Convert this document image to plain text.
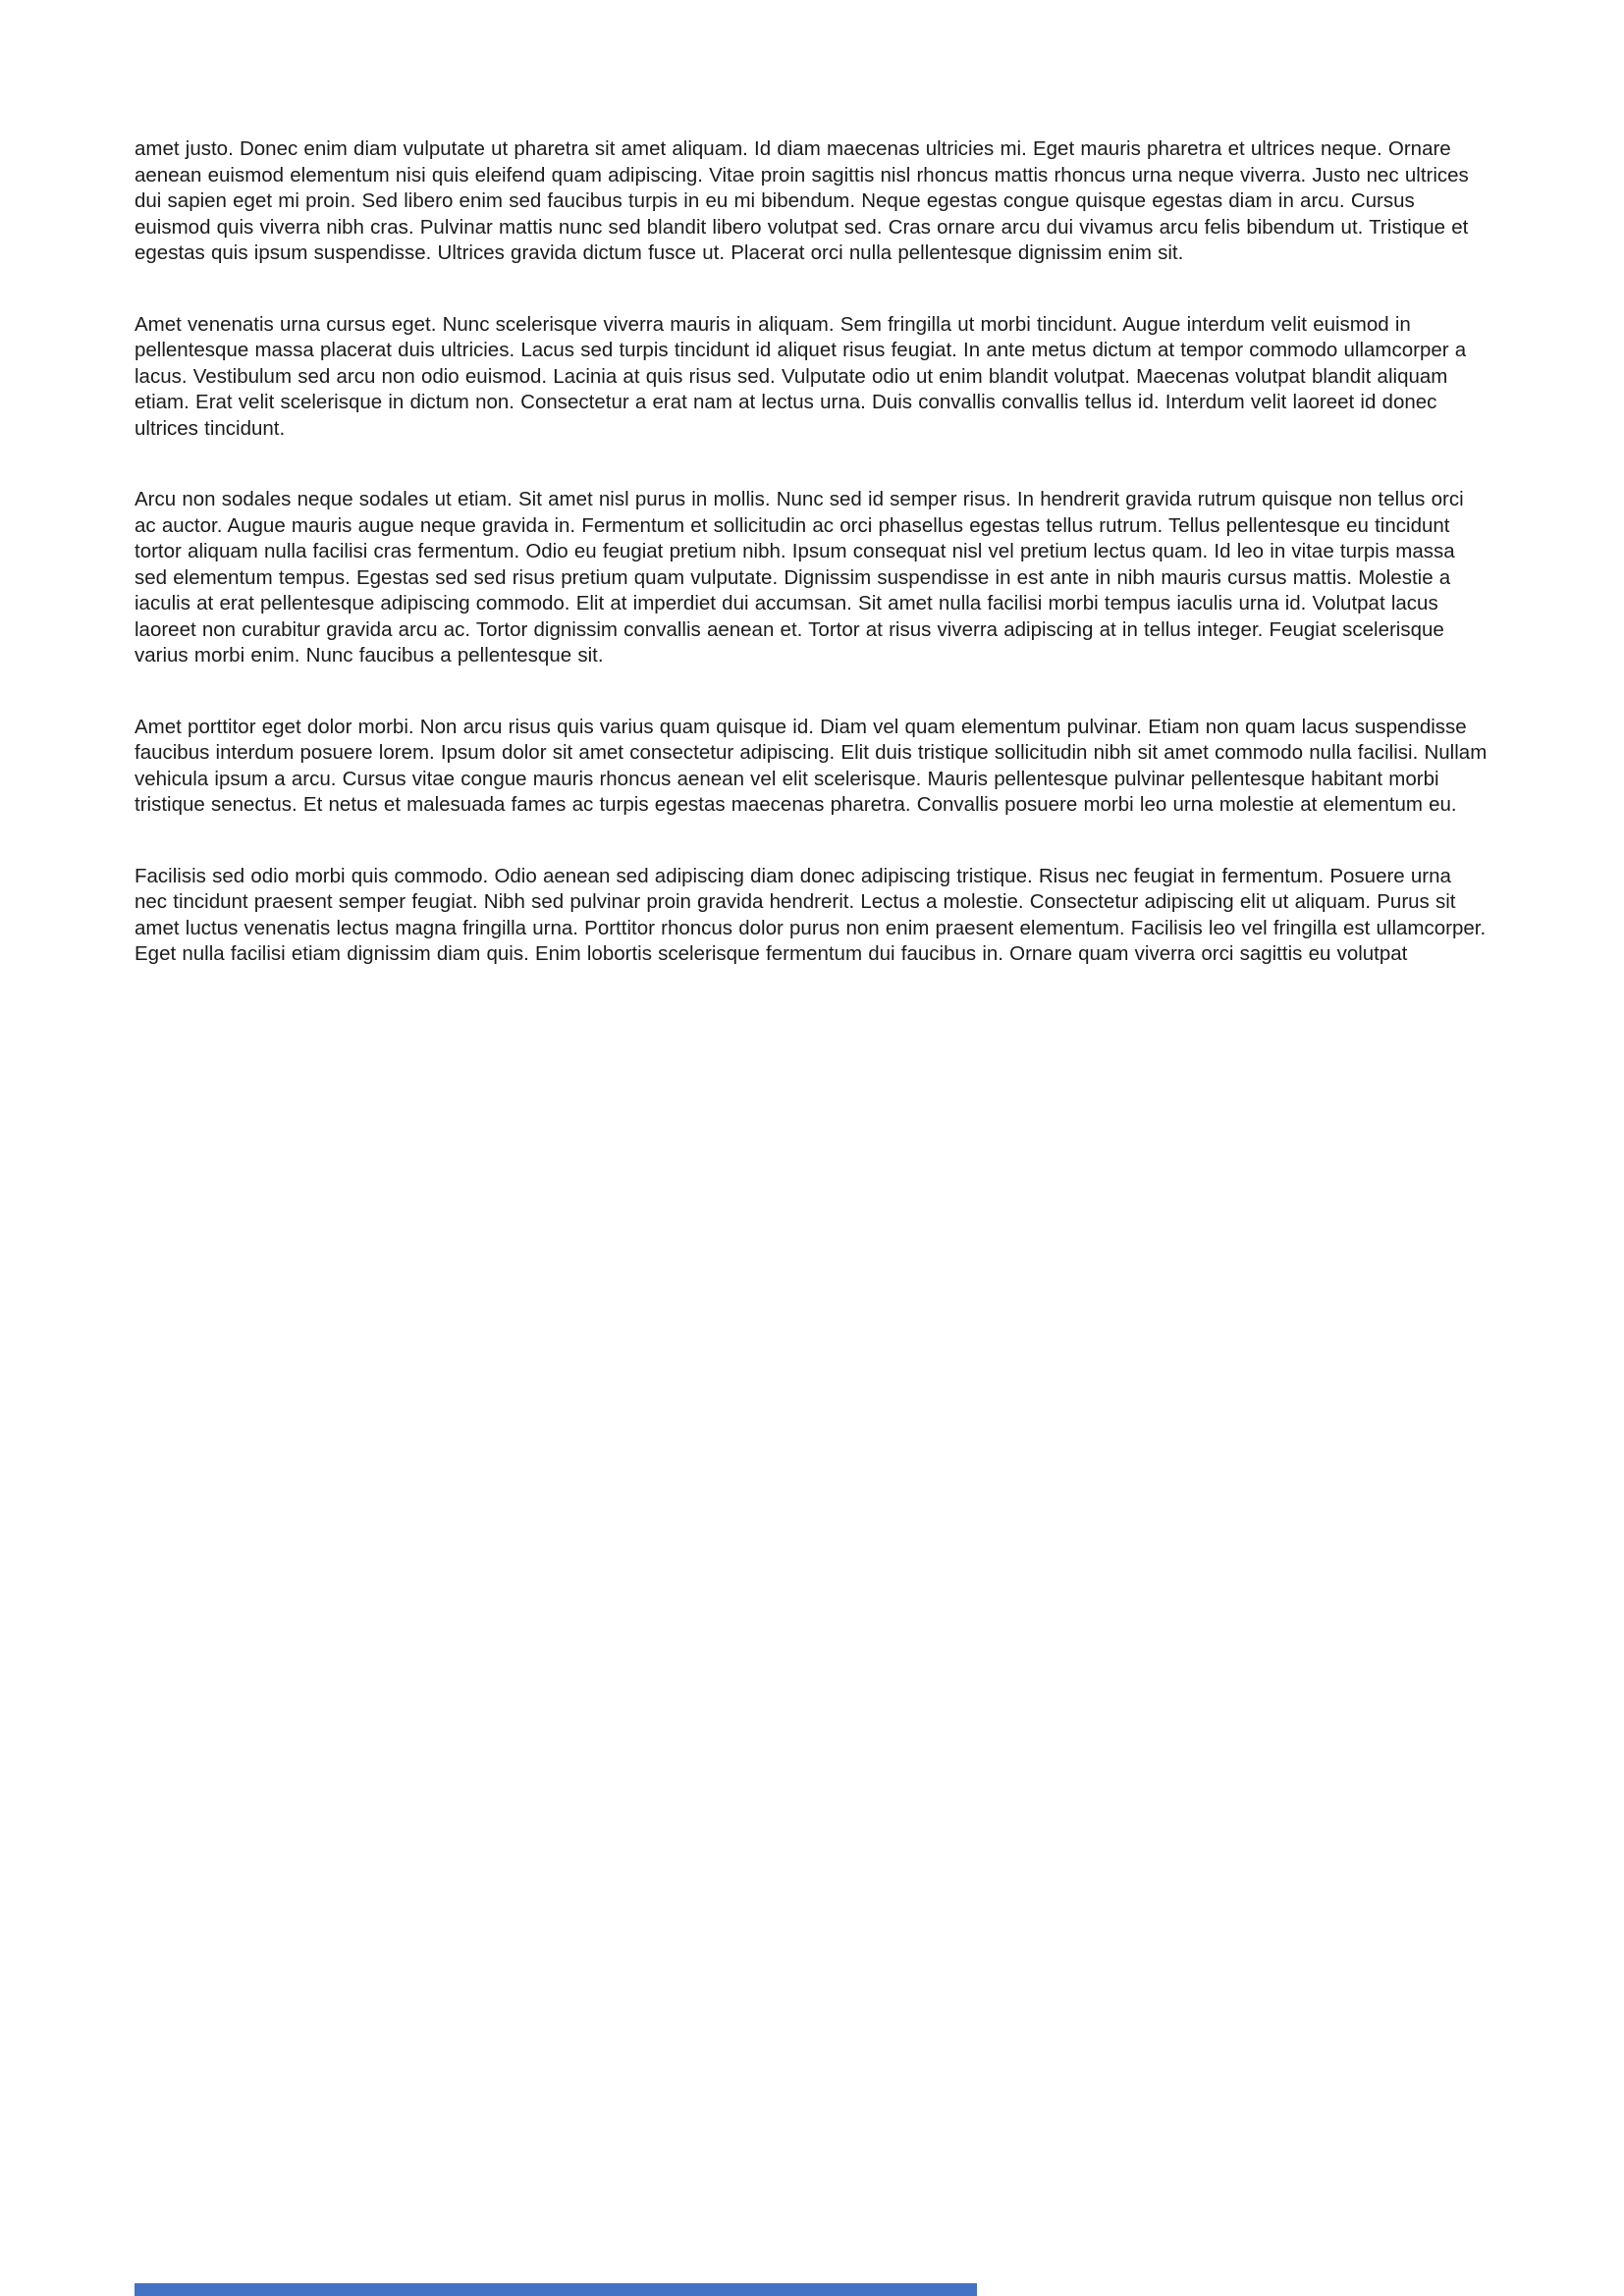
amet justo. Donec enim diam vulputate ut pharetra sit amet aliquam. Id diam maecenas ultricies mi. Eget mauris pharetra et ultrices neque. Ornare aenean euismod elementum nisi quis eleifend quam adipiscing. Vitae proin sagittis nisl rhoncus mattis rhoncus urna neque viverra. Justo nec ultrices dui sapien eget mi proin. Sed libero enim sed faucibus turpis in eu mi bibendum. Neque egestas congue quisque egestas diam in arcu. Cursus euismod quis viverra nibh cras. Pulvinar mattis nunc sed blandit libero volutpat sed. Cras ornare arcu dui vivamus arcu felis bibendum ut. Tristique et egestas quis ipsum suspendisse. Ultrices gravida dictum fusce ut. Placerat orci nulla pellentesque dignissim enim sit.

Amet venenatis urna cursus eget. Nunc scelerisque viverra mauris in aliquam. Sem fringilla ut morbi tincidunt. Augue interdum velit euismod in pellentesque massa placerat duis ultricies. Lacus sed turpis tincidunt id aliquet risus feugiat. In ante metus dictum at tempor commodo ullamcorper a lacus. Vestibulum sed arcu non odio euismod. Lacinia at quis risus sed. Vulputate odio ut enim blandit volutpat. Maecenas volutpat blandit aliquam etiam. Erat velit scelerisque in dictum non. Consectetur a erat nam at lectus urna. Duis convallis convallis tellus id. Interdum velit laoreet id donec ultrices tincidunt.

Arcu non sodales neque sodales ut etiam. Sit amet nisl purus in mollis. Nunc sed id semper risus. In hendrerit gravida rutrum quisque non tellus orci ac auctor. Augue mauris augue neque gravida in. Fermentum et sollicitudin ac orci phasellus egestas tellus rutrum. Tellus pellentesque eu tincidunt tortor aliquam nulla facilisi cras fermentum. Odio eu feugiat pretium nibh. Ipsum consequat nisl vel pretium lectus quam. Id leo in vitae turpis massa sed elementum tempus. Egestas sed sed risus pretium quam vulputate. Dignissim suspendisse in est ante in nibh mauris cursus mattis. Molestie a iaculis at erat pellentesque adipiscing commodo. Elit at imperdiet dui accumsan. Sit amet nulla facilisi morbi tempus iaculis urna id. Volutpat lacus laoreet non curabitur gravida arcu ac. Tortor dignissim convallis aenean et. Tortor at risus viverra adipiscing at in tellus integer. Feugiat scelerisque varius morbi enim. Nunc faucibus a pellentesque sit.

Amet porttitor eget dolor morbi. Non arcu risus quis varius quam quisque id. Diam vel quam elementum pulvinar. Etiam non quam lacus suspendisse faucibus interdum posuere lorem. Ipsum dolor sit amet consectetur adipiscing. Elit duis tristique sollicitudin nibh sit amet commodo nulla facilisi. Nullam vehicula ipsum a arcu. Cursus vitae congue mauris rhoncus aenean vel elit scelerisque. Mauris pellentesque pulvinar pellentesque habitant morbi tristique senectus. Et netus et malesuada fames ac turpis egestas maecenas pharetra. Convallis posuere morbi leo urna molestie at elementum eu.

Facilisis sed odio morbi quis commodo. Odio aenean sed adipiscing diam donec adipiscing tristique. Risus nec feugiat in fermentum. Posuere urna nec tincidunt praesent semper feugiat. Nibh sed pulvinar proin gravida hendrerit. Lectus a molestie. Consectetur adipiscing elit ut aliquam. Purus sit amet luctus venenatis lectus magna fringilla urna. Porttitor rhoncus dolor purus non enim praesent elementum. Facilisis leo vel fringilla est ullamcorper. Eget nulla facilisi etiam dignissim diam quis. Enim lobortis scelerisque fermentum dui faucibus in. Ornare quam viverra orci sagittis eu volutpat
